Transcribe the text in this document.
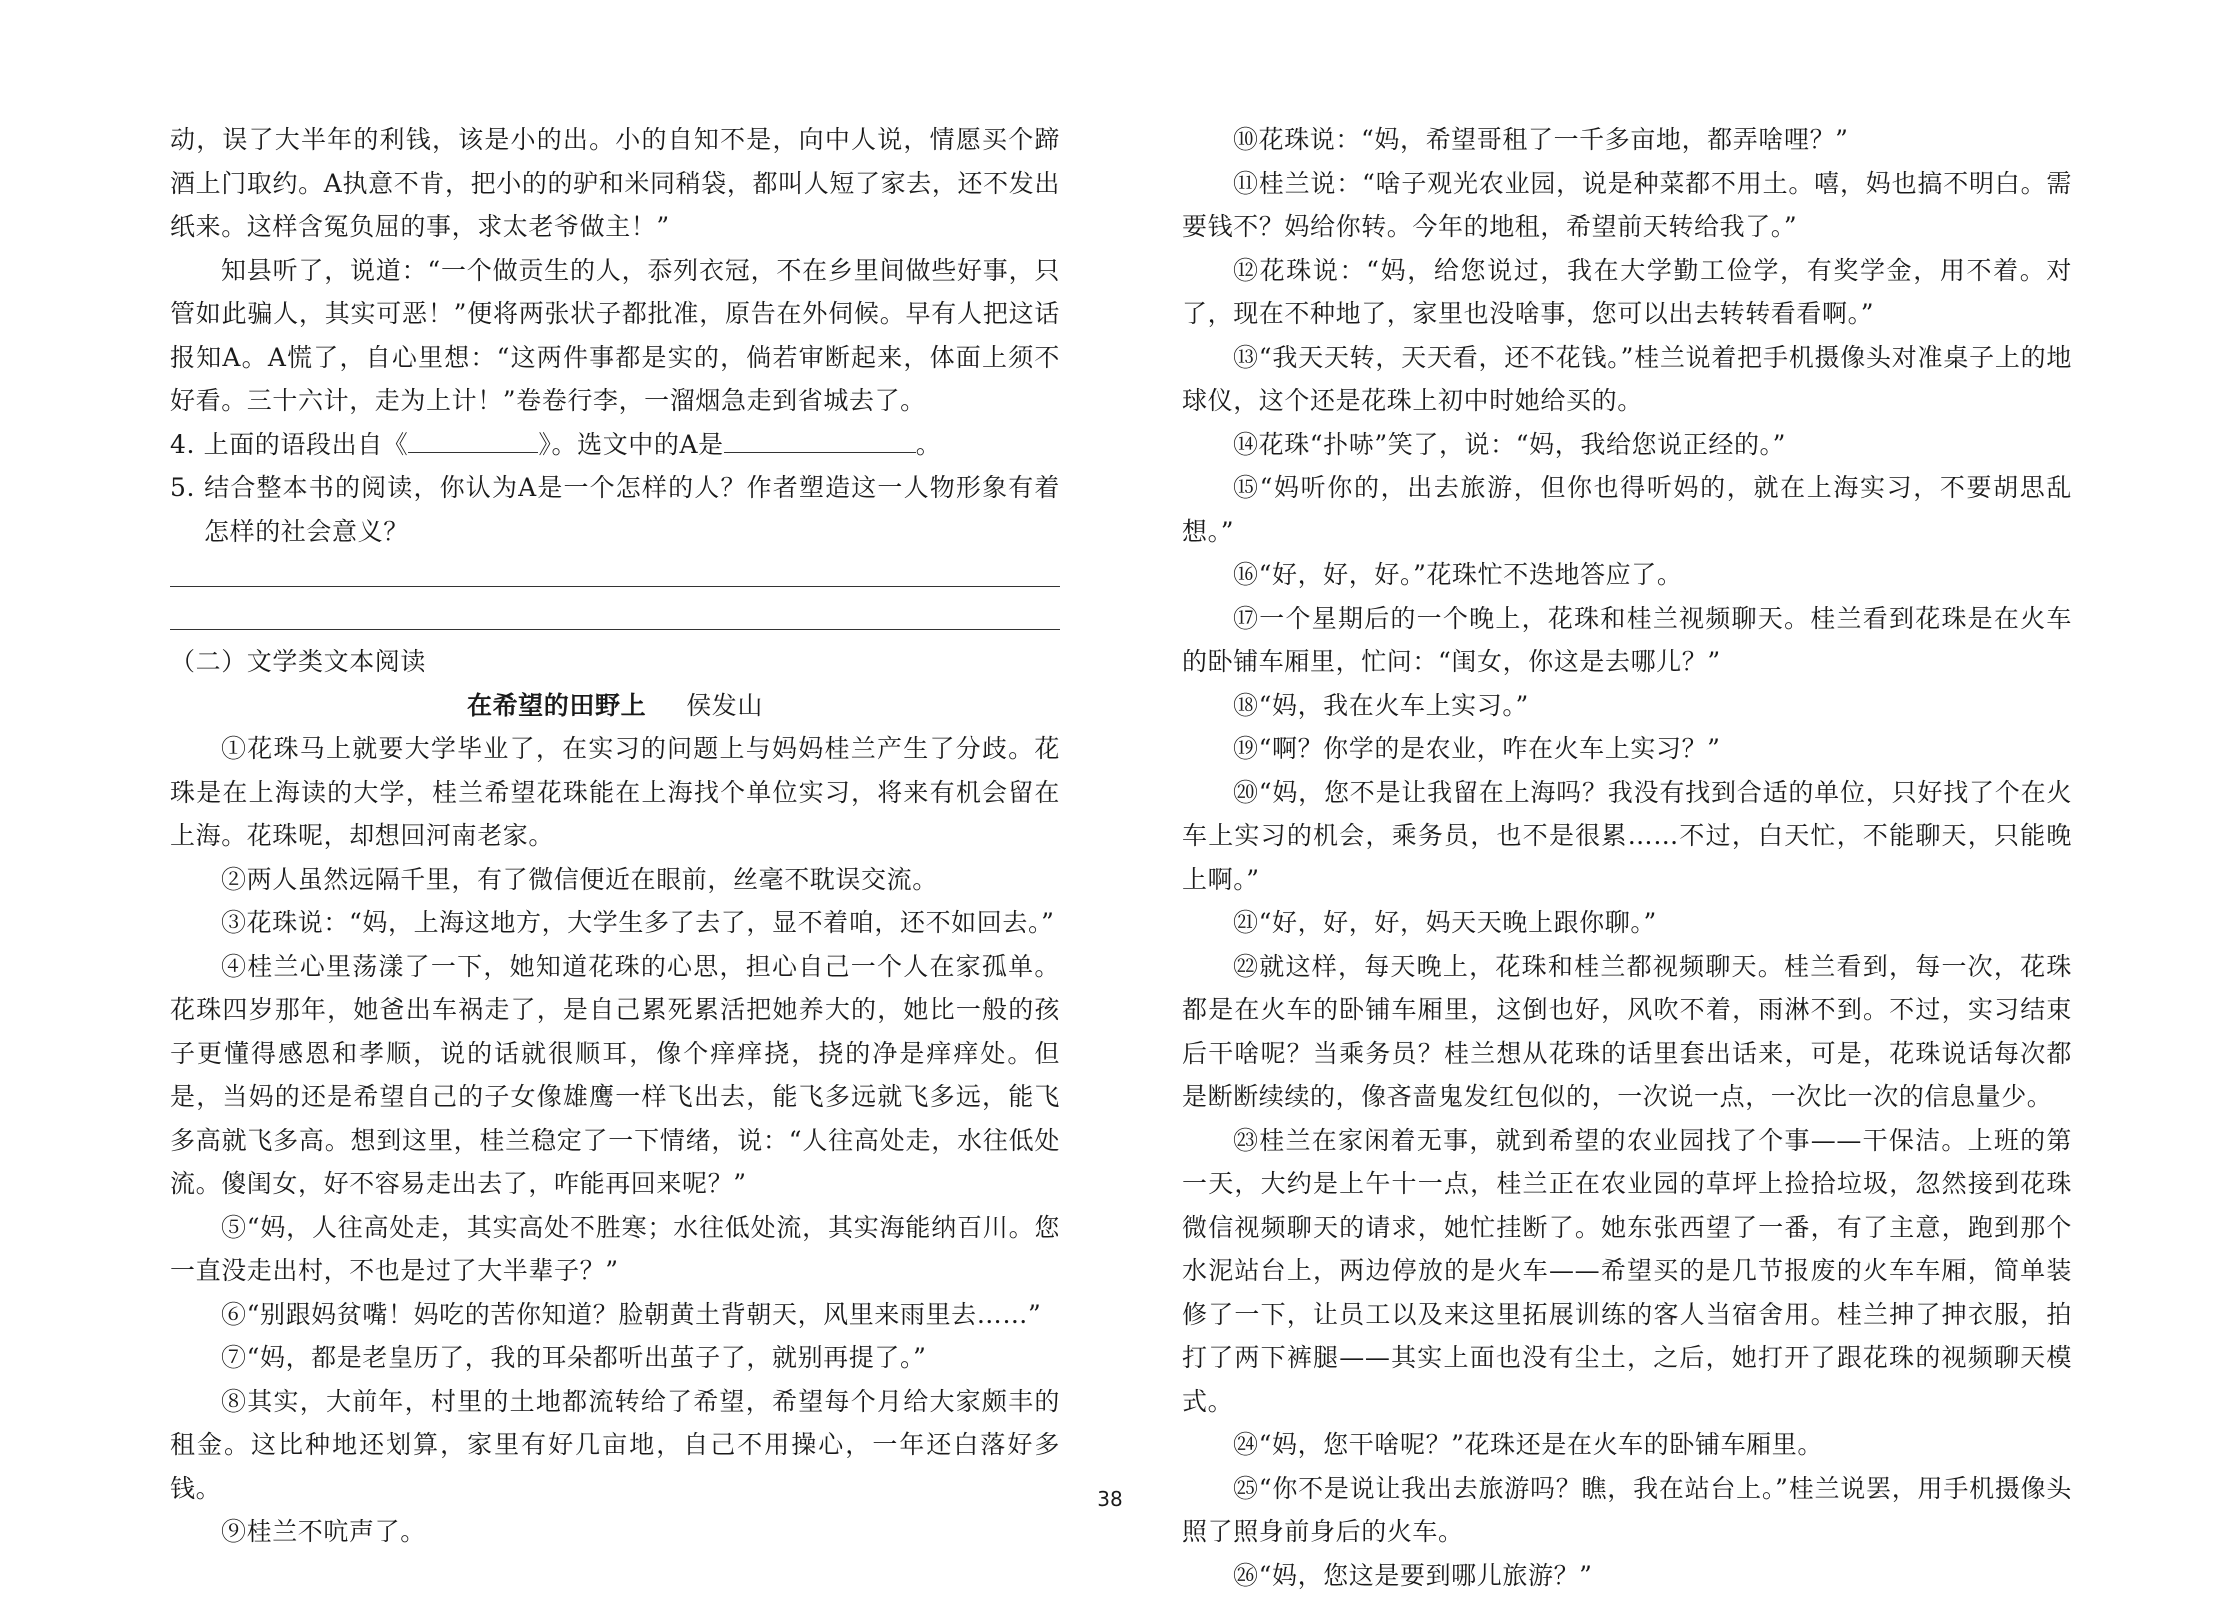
动，误了大半年的利钱，该是小的出。小的自知不是，向中人说，情愿买个蹄酒上门取约。A执意不肯，把小的的驴和米同稍袋，都叫人短了家去，还不发出纸来。这样含冤负屈的事，求太老爷做主！”

知县听了，说道：“一个做贡生的人，忝列衣冠，不在乡里间做些好事，只管如此骗人，其实可恶！”便将两张状子都批准，原告在外伺候。早有人把这话报知A。A慌了，自心里想：“这两件事都是实的，倘若审断起来，体面上须不好看。三十六计，走为上计！”卷卷行李，一溜烟急走到省城去了。

4. 上面的语段出自《	》。选文中的A是	。

5. 结合整本书的阅读，你认为A是一个怎样的人？作者塑造这一人物形象有着怎样的社会意义？

（二）文学类文本阅读

在希望的田野上 侯发山

①花珠马上就要大学毕业了，在实习的问题上与妈妈桂兰产生了分歧。花珠是在上海读的大学，桂兰希望花珠能在上海找个单位实习，将来有机会留在上海。花珠呢，却想回河南老家。

②两人虽然远隔千里，有了微信便近在眼前，丝毫不耽误交流。

③花珠说：“妈，上海这地方，大学生多了去了，显不着咱，还不如回去。”

④桂兰心里荡漾了一下，她知道花珠的心思，担心自己一个人在家孤单。花珠四岁那年，她爸出车祸走了，是自己累死累活把她养大的，她比一般的孩子更懂得感恩和孝顺，说的话就很顺耳，像个痒痒挠，挠的净是痒痒处。但是，当妈的还是希望自己的子女像雄鹰一样飞出去，能飞多远就飞多远，能飞多高就飞多高。想到这里，桂兰稳定了一下情绪，说：“人往高处走，水往低处流。傻闺女，好不容易走出去了，咋能再回来呢？”

⑤“妈，人往高处走，其实高处不胜寒；水往低处流，其实海能纳百川。您一直没走出村，不也是过了大半辈子？”

⑥“别跟妈贫嘴！妈吃的苦你知道？脸朝黄土背朝天，风里来雨里去……”

⑦“妈，都是老皇历了，我的耳朵都听出茧子了，就别再提了。”

⑧其实，大前年，村里的土地都流转给了希望，希望每个月给大家颇丰的租金。这比种地还划算，家里有好几亩地，自己不用操心，一年还白落好多钱。

⑨桂兰不吭声了。

⑩花珠说：“妈，希望哥租了一千多亩地，都弄啥哩？”

⑪桂兰说：“啥子观光农业园，说是种菜都不用土。嘻，妈也搞不明白。需要钱不？妈给你转。今年的地租，希望前天转给我了。”

⑫花珠说：“妈，给您说过，我在大学勤工俭学，有奖学金，用不着。对了，现在不种地了，家里也没啥事，您可以出去转转看看啊。”

⑬“我天天转，天天看，还不花钱。”桂兰说着把手机摄像头对准桌子上的地球仪，这个还是花珠上初中时她给买的。

⑭花珠“扑哧”笑了，说：“妈，我给您说正经的。”

⑮“妈听你的，出去旅游，但你也得听妈的，就在上海实习，不要胡思乱想。”

⑯“好，好，好。”花珠忙不迭地答应了。

⑰一个星期后的一个晚上，花珠和桂兰视频聊天。桂兰看到花珠是在火车的卧铺车厢里，忙问：“闺女，你这是去哪儿？”

⑱“妈，我在火车上实习。”

⑲“啊？你学的是农业，咋在火车上实习？”

⑳“妈，您不是让我留在上海吗？我没有找到合适的单位，只好找了个在火车上实习的机会，乘务员，也不是很累……不过，白天忙，不能聊天，只能晚上啊。”

㉑“好，好，好，妈天天晚上跟你聊。”

㉒就这样，每天晚上，花珠和桂兰都视频聊天。桂兰看到，每一次，花珠都是在火车的卧铺车厢里，这倒也好，风吹不着，雨淋不到。不过，实习结束后干啥呢？当乘务员？桂兰想从花珠的话里套出话来，可是，花珠说话每次都是断断续续的，像吝啬鬼发红包似的，一次说一点，一次比一次的信息量少。

㉓桂兰在家闲着无事，就到希望的农业园找了个事——干保洁。上班的第一天，大约是上午十一点，桂兰正在农业园的草坪上捡拾垃圾，忽然接到花珠微信视频聊天的请求，她忙挂断了。她东张西望了一番，有了主意，跑到那个水泥站台上，两边停放的是火车——希望买的是几节报废的火车车厢，简单装修了一下，让员工以及来这里拓展训练的客人当宿舍用。桂兰抻了抻衣服，拍打了两下裤腿——其实上面也没有尘土，之后，她打开了跟花珠的视频聊天模式。

㉔“妈，您干啥呢？”花珠还是在火车的卧铺车厢里。

㉕“你不是说让我出去旅游吗？瞧，我在站台上。”桂兰说罢，用手机摄像头照了照身前身后的火车。

㉖“妈，您这是要到哪儿旅游？”

38
